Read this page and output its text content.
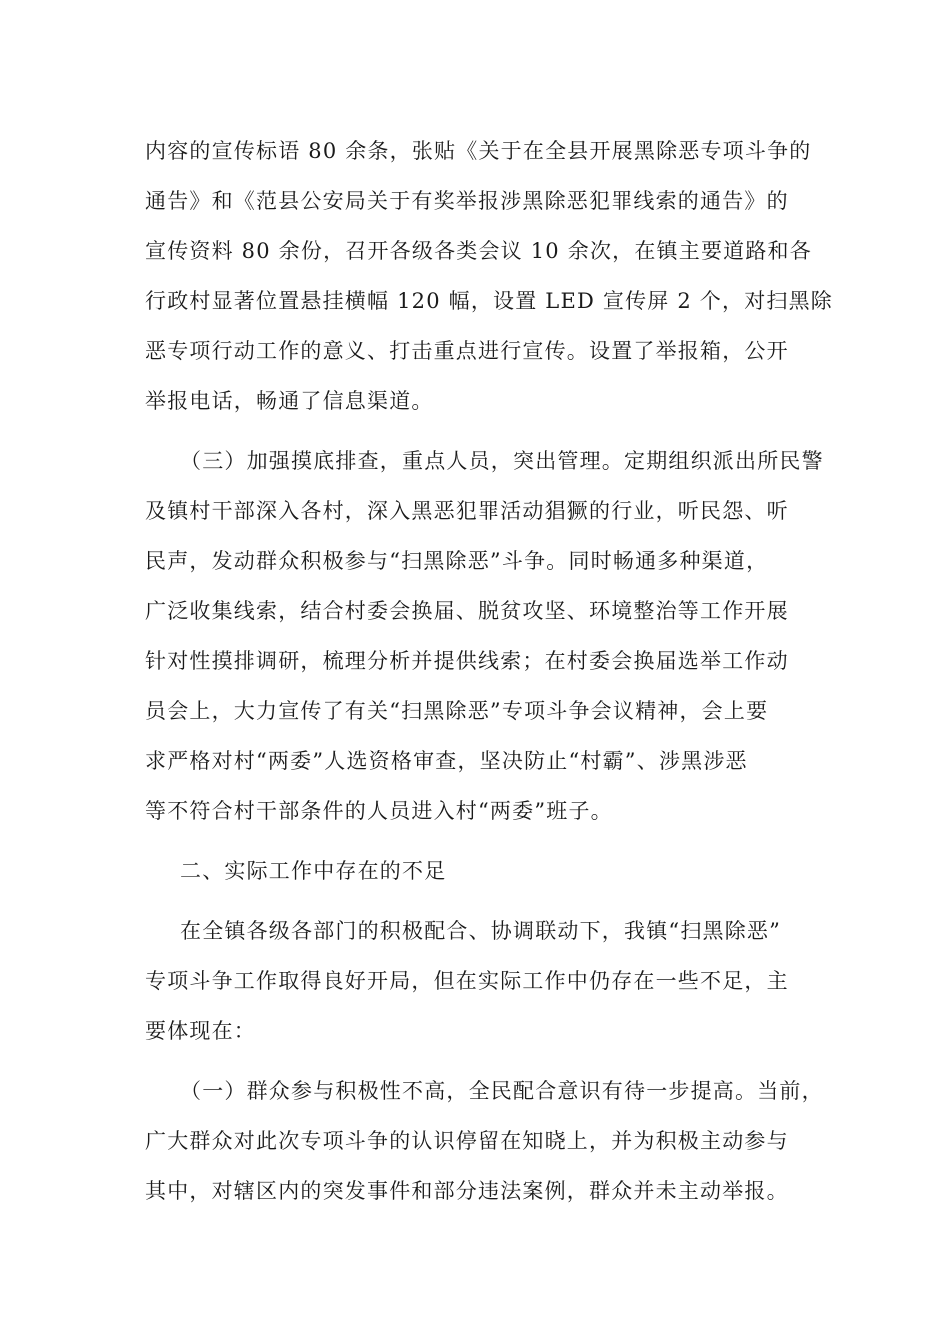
内容的宣传标语 80 余条，张贴《关于在全县开展黑除恶专项斗争的
通告》和《范县公安局关于有奖举报涉黑除恶犯罪线索的通告》的
宣传资料 80 余份，召开各级各类会议 10 余次，在镇主要道路和各
行政村显著位置悬挂横幅 120 幅，设置 LED 宣传屏 2 个，对扫黑除
恶专项行动工作的意义、打击重点进行宣传。设置了举报箱，公开
举报电话，畅通了信息渠道。
（三）加强摸底排查，重点人员，突出管理。定期组织派出所民警
及镇村干部深入各村，深入黑恶犯罪活动猖獗的行业，听民怨、听
民声，发动群众积极参与“扫黑除恶”斗争。同时畅通多种渠道，
广泛收集线索，结合村委会换届、脱贫攻坚、环境整治等工作开展
针对性摸排调研，梳理分析并提供线索；在村委会换届选举工作动
员会上，大力宣传了有关“扫黑除恶”专项斗争会议精神，会上要
求严格对村“两委”人选资格审查，坚决防止“村霸”、涉黑涉恶
等不符合村干部条件的人员进入村“两委”班子。
二、实际工作中存在的不足
在全镇各级各部门的积极配合、协调联动下，我镇“扫黑除恶”
专项斗争工作取得良好开局，但在实际工作中仍存在一些不足，主
要体现在：
（一）群众参与积极性不高，全民配合意识有待一步提高。当前，
广大群众对此次专项斗争的认识停留在知晓上，并为积极主动参与
其中，对辖区内的突发事件和部分违法案例，群众并未主动举报。
